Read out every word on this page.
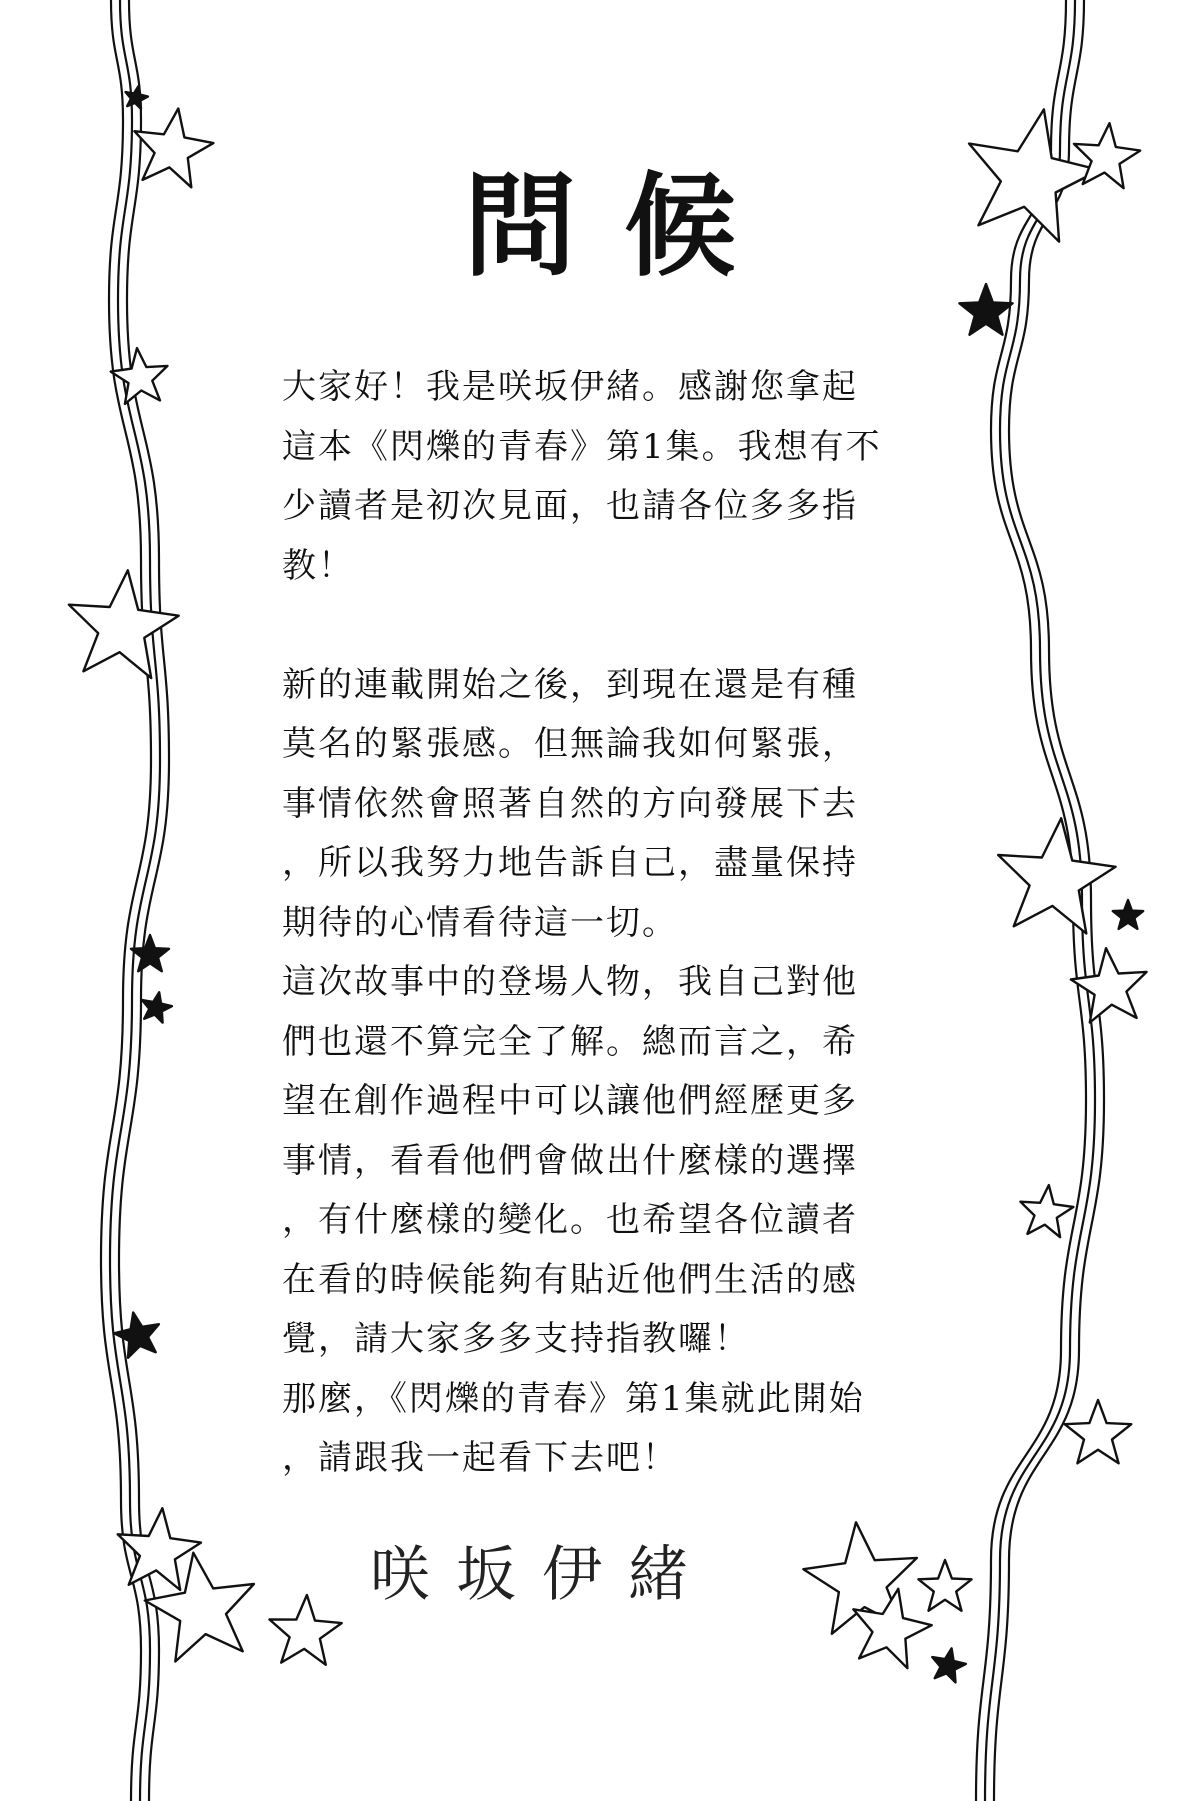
問候
大家好！我是咲坂伊緒。感謝您拿起
這本《閃爍的青春》第1集。我想有不
少讀者是初次見面，也請各位多多指
教！
新的連載開始之後，到現在還是有種
莫名的緊張感。但無論我如何緊張，
事情依然會照著自然的方向發展下去
，所以我努力地告訴自己，盡量保持
期待的心情看待這一切。
這次故事中的登場人物，我自己對他
們也還不算完全了解。總而言之，希
望在創作過程中可以讓他們經歷更多
事情，看看他們會做出什麼樣的選擇
，有什麼樣的變化。也希望各位讀者
在看的時候能夠有貼近他們生活的感
覺，請大家多多支持指教囉！
那麼，《閃爍的青春》第1集就此開始
，請跟我一起看下去吧！
咲坂伊緒
